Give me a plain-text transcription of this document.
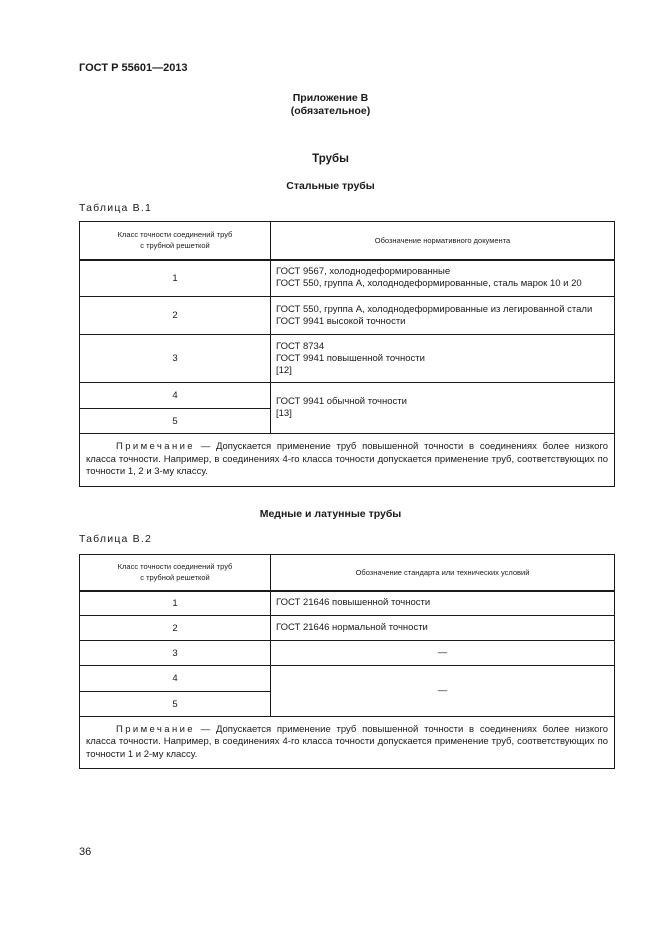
ГОСТ Р 55601—2013
Приложение В
(обязательное)
Трубы
Стальные трубы
Таблица В.1
Класс точности соединений труб
с трубной решеткой	Обозначение нормативного документа
1	ГОСТ 9567, холоднодеформированные
ГОСТ 550, группа А, холоднодеформированные, сталь марок 10 и 20

2	ГОСТ 550, группа А, холоднодеформированные из легированной стали
ГОСТ 9941 высокой точности

3	ГОСТ 8734
ГОСТ 9941 повышенной точности
[12]

4	ГОСТ 9941 обычной точности
[13]

5	
Примечание — Допускается применение труб повышенной точности в соединениях более низкого класса точности. Например, в соединениях 4-го класса точности допускается применение труб, соответствующих по точности 1, 2 и 3-му классу.	
Медные и латунные трубы
Таблица В.2
Класс точности соединений труб
с трубной решеткой	Обозначение стандарта или технических условий
1	ГОСТ 21646 повышенной точности
2	ГОСТ 21646 нормальной точности
3	—
4	—
5	
Примечание — Допускается применение труб повышенной точности в соединениях более низкого класса точности. Например, в соединениях 4-го класса точности допускается применение труб, соответствующих по точности 1 и 2-му классу.	
36
